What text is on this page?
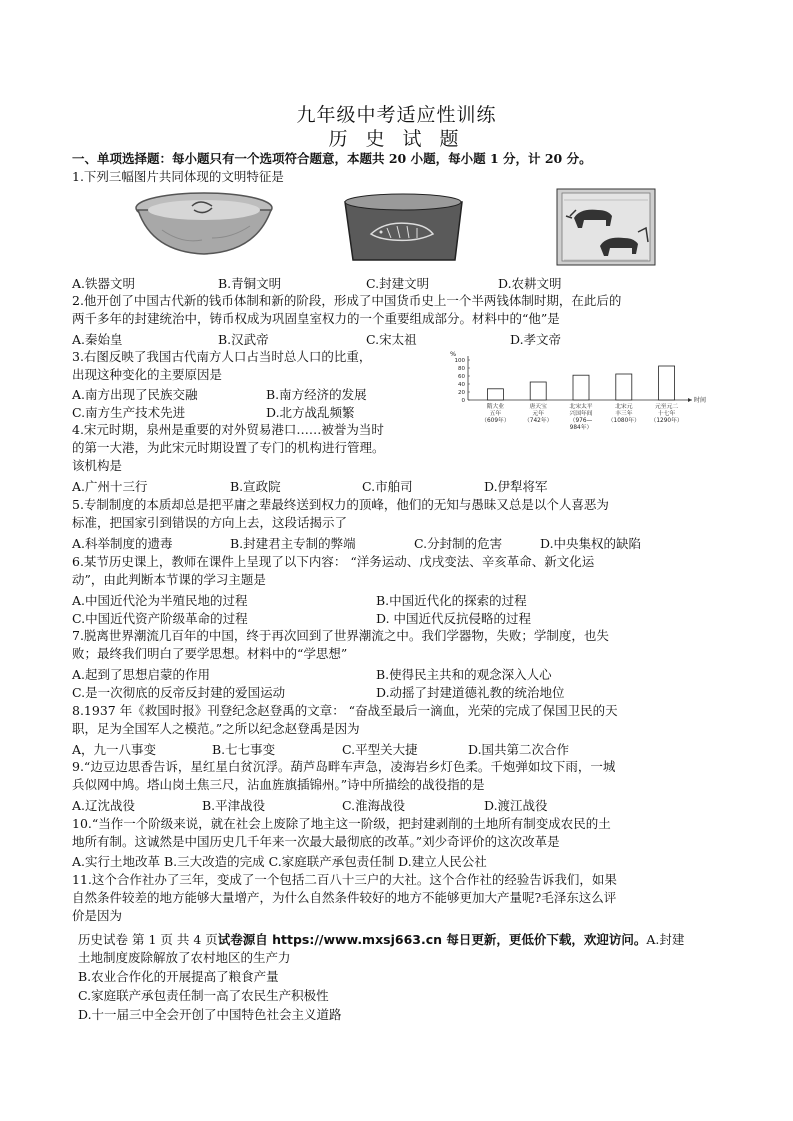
九年级中考适应性训练
历 史 试 题
一、单项选择题：每小题只有一个选项符合题意，本题共 20 小题，每小题 1 分，计 20 分。
1.下列三幅图片共同体现的文明特征是
A.铁器文明	B.青铜文明	C.封建文明	D.农耕文明
2.他开创了中国古代新的钱币体制和新的阶段，形成了中国货币史上一个半两钱体制时期，在此后的
两千多年的封建统治中，铸币权成为巩固皇室权力的一个重要组成部分。材料中的“他”是
A.秦始皇	B.汉武帝	C.宋太祖	D.孝文帝
3.右图反映了我国古代南方人口占当时总人口的比重，
出现这种变化的主要原因是
A.南方出现了民族交融	B.南方经济的发展
C.南方生产技术先进	D.北方战乱频繁
%
100
80
60
40
20
0	时间
隋大业
五年
（609年）
唐天宝
元年
（742年）
北宋太平
兴国年间
（976—
984年）
北宋元
丰三年
（1080年）
元至元二
十七年
（1290年）
4.宋元时期，泉州是重要的对外贸易港口……被誉为当时
的第一大港，为此宋元时期设置了专门的机构进行管理。
该机构是
A.广州十三行	B.宣政院	C.市舶司	D.伊犁将军
5.专制制度的本质却总是把平庸之辈最终送到权力的顶峰，他们的无知与愚昧又总是以个人喜恶为
标准，把国家引到错误的方向上去，这段话揭示了
A.科举制度的遗毒	B.封建君主专制的弊端	C.分封制的危害	D.中央集权的缺陷
6.某节历史课上，教师在课件上呈现了以下内容： “洋务运动、戊戌变法、辛亥革命、新文化运
动”，由此判断本节课的学习主题是
A.中国近代沦为半殖民地的过程	B.中国近代化的探索的过程
C.中国近代资产阶级革命的过程	D. 中国近代反抗侵略的过程
7.脱离世界潮流几百年的中国，终于再次回到了世界潮流之中。我们学器物，失败；学制度，也失
败；最终我们明白了要学思想。材料中的“学思想”
A.起到了思想启蒙的作用	B.使得民主共和的观念深入人心
C.是一次彻底的反帝反封建的爱国运动	D.动摇了封建道德礼教的统治地位
8.1937 年《救国时报》刊登纪念赵登禹的文章： “奋战至最后一滴血，光荣的完成了保国卫民的天
职，足为全国军人之模范。”之所以纪念赵登禹是因为
A，九一八事变	B.七七事变	C.平型关大捷	D.国共第二次合作
9.“边豆边思香告诉，星红星白贫沉浮。葫芦岛畔车声急，凌海岩乡灯色柔。千炮弹如坟下雨，一城
兵似网中鸠。塔山岗土焦三尺，沾血旌旗插锦州。”诗中所描绘的战役指的是
A.辽沈战役	B.平津战役	C.淮海战役	D.渡江战役
10.“当作一个阶级来说，就在社会上废除了地主这一阶级，把封建剥削的土地所有制变成农民的土
地所有制。这诚然是中国历史几千年来一次最大最彻底的改革。”刘少奇评价的这次改革是
A.实行土地改革 B.三大改造的完成 C.家庭联产承包责任制 D.建立人民公社
11.这个合作社办了三年，变成了一个包括二百八十三户的大社。这个合作社的经验告诉我们，如果
自然条件较差的地方能够大量增产，为什么自然条件较好的地方不能够更加大产量呢?毛泽东这么评
价是因为
历史试卷 第 1 页 共 4 页试卷源自 https://www.mxsj663.cn 每日更新，更低价下载，欢迎访问。A.封建
土地制度废除解放了农村地区的生产力
B.农业合作化的开展提高了粮食产量
C.家庭联产承包责任制一高了农民生产积极性
D.十一届三中全会开创了中国特色社会主义道路
